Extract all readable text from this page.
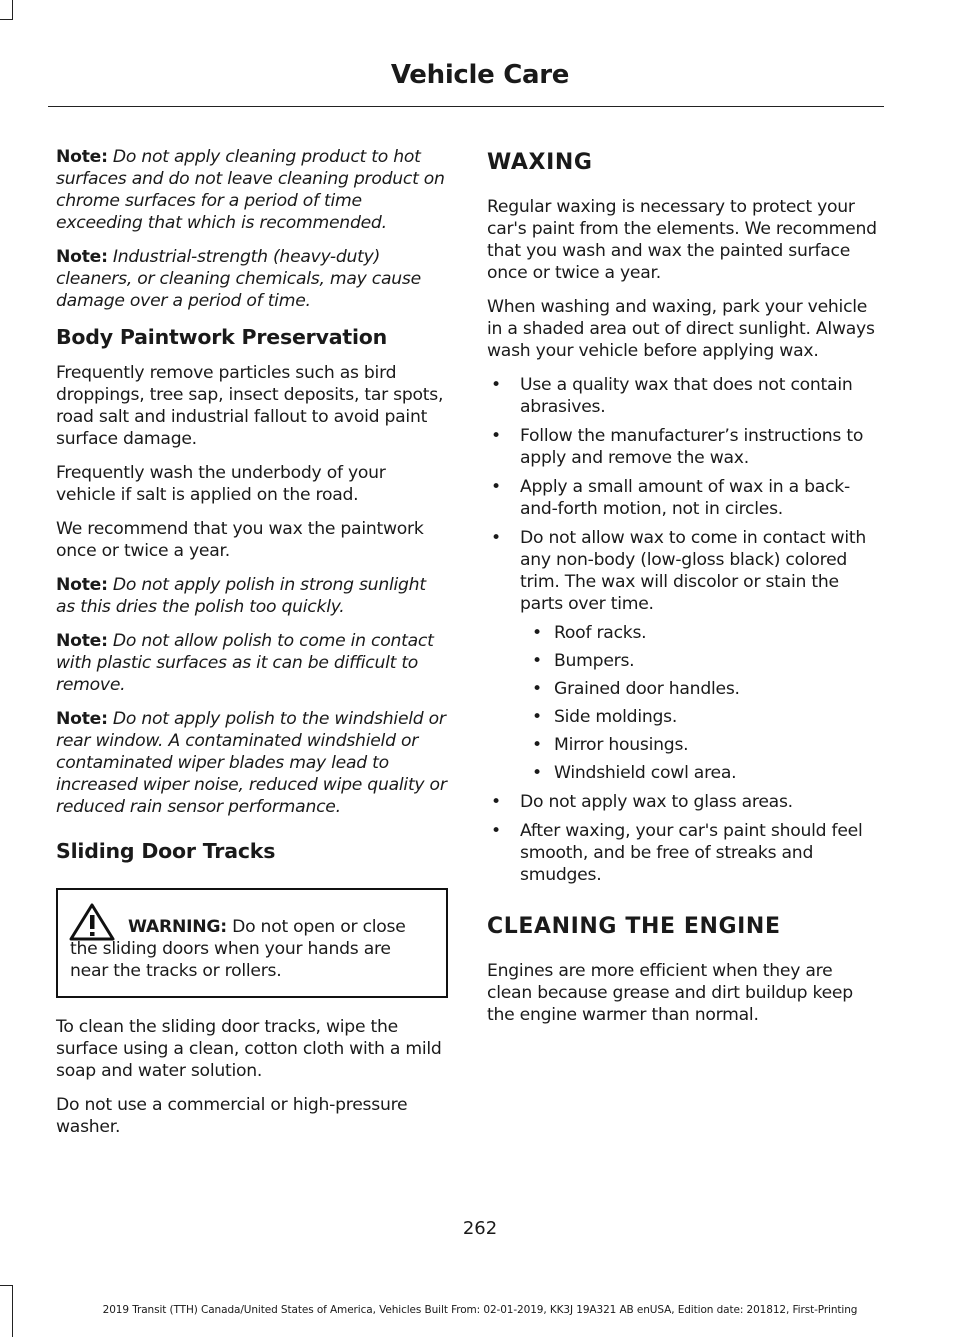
Vehicle Care

Note: Do not apply cleaning product to hot surfaces and do not leave cleaning product on chrome surfaces for a period of time exceeding that which is recommended.

Note: Industrial-strength (heavy-duty) cleaners, or cleaning chemicals, may cause damage over a period of time.

Body Paintwork Preservation

Frequently remove particles such as bird droppings, tree sap, insect deposits, tar spots, road salt and industrial fallout to avoid paint surface damage.

Frequently wash the underbody of your vehicle if salt is applied on the road.

We recommend that you wax the paintwork once or twice a year.

Note: Do not apply polish in strong sunlight as this dries the polish too quickly.

Note: Do not allow polish to come in contact with plastic surfaces as it can be difficult to remove.

Note: Do not apply polish to the windshield or rear window. A contaminated windshield or contaminated wiper blades may lead to increased wiper noise, reduced wipe quality or reduced rain sensor performance.

Sliding Door Tracks
WARNING: Do not open or close the sliding doors when your hands are near the tracks or rollers.

To clean the sliding door tracks, wipe the surface using a clean, cotton cloth with a mild soap and water solution.

Do not use a commercial or high-pressure washer.

WAXING

Regular waxing is necessary to protect your car's paint from the elements. We recommend that you wash and wax the painted surface once or twice a year.

When washing and waxing, park your vehicle in a shaded area out of direct sunlight. Always wash your vehicle before applying wax.

• Use a quality wax that does not contain abrasives.
• Follow the manufacturer’s instructions to apply and remove the wax.
• Apply a small amount of wax in a back-and-forth motion, not in circles.
• Do not allow wax to come in contact with any non-body (low-gloss black) colored trim. The wax will discolor or stain the parts over time.
• Roof racks.
• Bumpers.
• Grained door handles.
• Side moldings.
• Mirror housings.
• Windshield cowl area.
• Do not apply wax to glass areas.
• After waxing, your car's paint should feel smooth, and be free of streaks and smudges.
CLEANING THE ENGINE

Engines are more efficient when they are clean because grease and dirt buildup keep the engine warmer than normal.

262
2019 Transit (TTH) Canada/United States of America, Vehicles Built From: 02-01-2019, KK3J 19A321 AB enUSA, Edition date: 201812, First-Printing
